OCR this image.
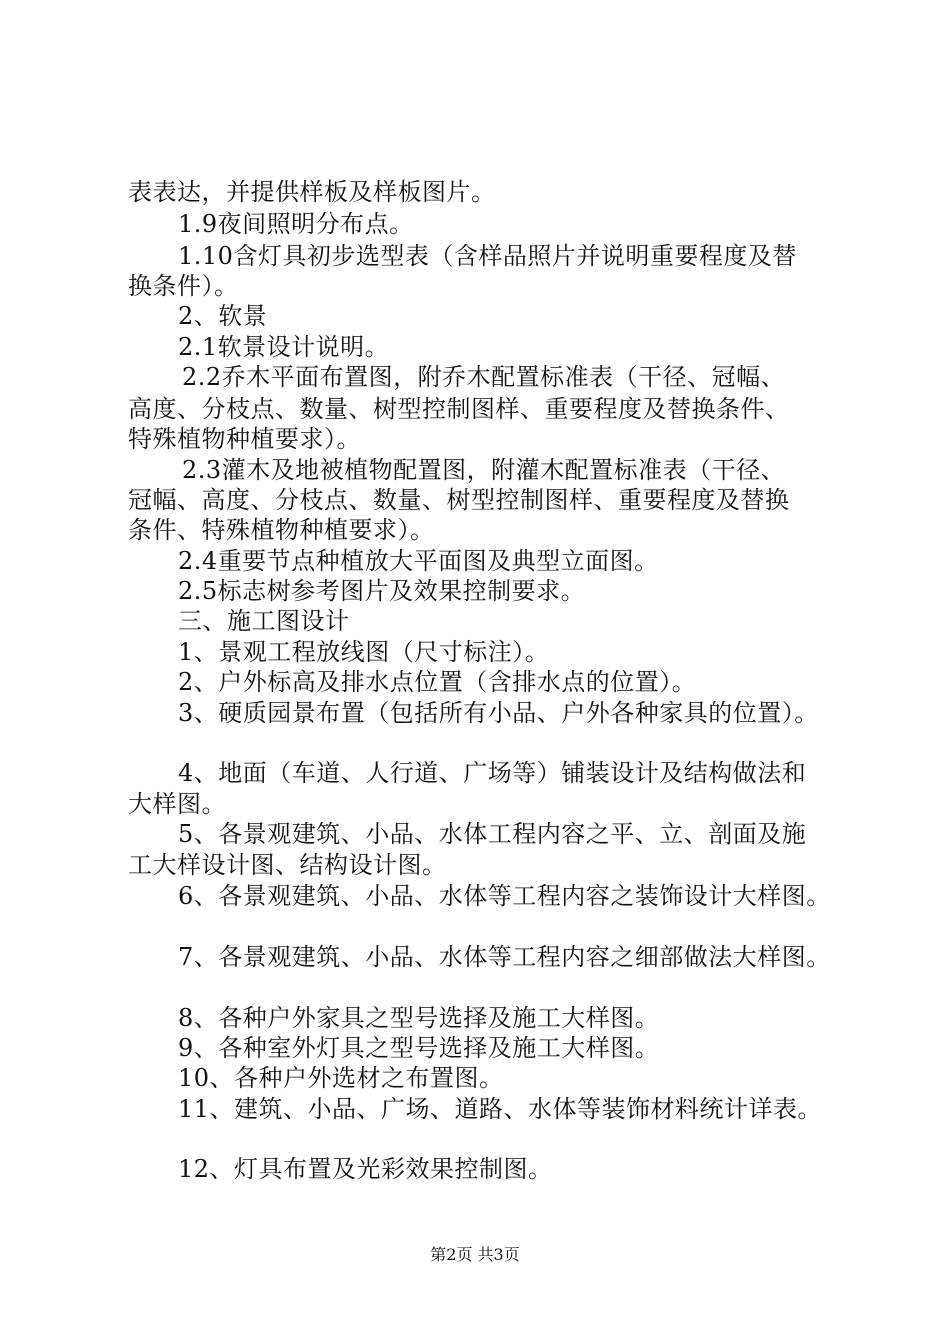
表表达，并提供样板及样板图片。
1.9夜间照明分布点。
1.10含灯具初步选型表（含样品照片并说明重要程度及替
换条件）。
2、软景
2.1软景设计说明。
2.2乔木平面布置图，附乔木配置标准表（干径、冠幅、
高度、分枝点、数量、树型控制图样、重要程度及替换条件、
特殊植物种植要求）。
2.3灌木及地被植物配置图，附灌木配置标准表（干径、
冠幅、高度、分枝点、数量、树型控制图样、重要程度及替换
条件、特殊植物种植要求）。
2.4重要节点种植放大平面图及典型立面图。
2.5标志树参考图片及效果控制要求。
三、施工图设计
1、景观工程放线图（尺寸标注）。
2、户外标高及排水点位置（含排水点的位置）。
3、硬质园景布置（包括所有小品、户外各种家具的位置）。
4、地面（车道、人行道、广场等）铺装设计及结构做法和
大样图。
5、各景观建筑、小品、水体工程内容之平、立、剖面及施
工大样设计图、结构设计图。
6、各景观建筑、小品、水体等工程内容之装饰设计大样图。
7、各景观建筑、小品、水体等工程内容之细部做法大样图。
8、各种户外家具之型号选择及施工大样图。
9、各种室外灯具之型号选择及施工大样图。
10、各种户外选材之布置图。
11、建筑、小品、广场、道路、水体等装饰材料统计详表。
12、灯具布置及光彩效果控制图。
第2页 共3页
